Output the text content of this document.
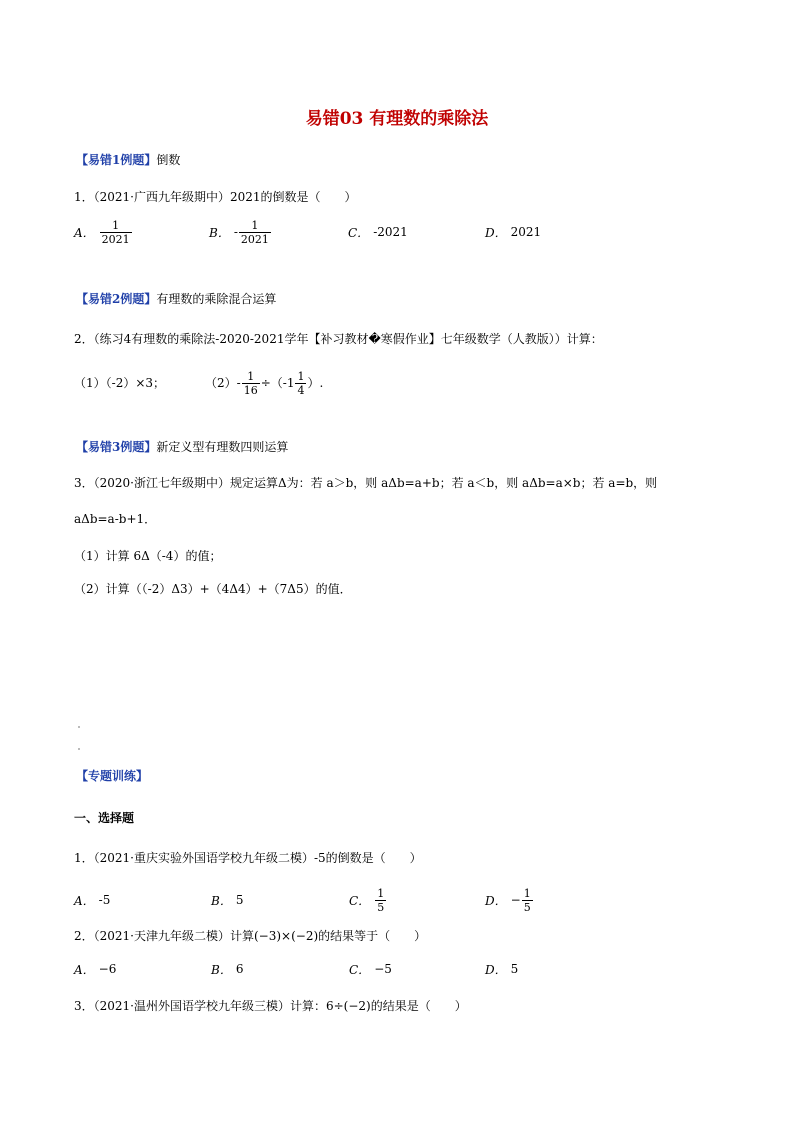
易错03 有理数的乘除法
【易错1例题】倒数
1．（2021·广西九年级期中）2021的倒数是（　　）
A． $\frac{1}{2021}$	B． - $\frac{1}{2021}$	C． -2021	D． 2021
【易错2例题】有理数的乘除混合运算
2．（练习4有理数的乘除法-2020-2021学年【补习教材�寒假作业】七年级数学（人教版））计算：
（1）（-2）×3；	$(2)- \frac{1}{16} \div(-1 \frac{1}{4}$ ）.
【易错3例题】新定义型有理数四则运算
3．（2020·浙江七年级期中）规定运算Δ为：若 a＞b，则 aΔb=a+b；若 a＜b，则 aΔb=a×b；若 a=b，则
aΔb=a-b+1．
（1）计算 6Δ（-4）的值；
（2）计算（（-2）Δ3）+（4Δ4）+（7Δ5）的值．
【专题训练】
一、选择题
1．（2021·重庆实验外国语学校九年级二模）-5的倒数是（　　）
A． -5	B． 5	C． $\frac{1}{5}$	D． − $\frac{1}{5}$
2．（2021·天津九年级二模）计算(−3)×(−2)的结果等于（　　）
A． −6	B． 6	C． −5	D． 5
3．（2021·温州外国语学校九年级三模）计算：6÷(−2)的结果是（　　）
